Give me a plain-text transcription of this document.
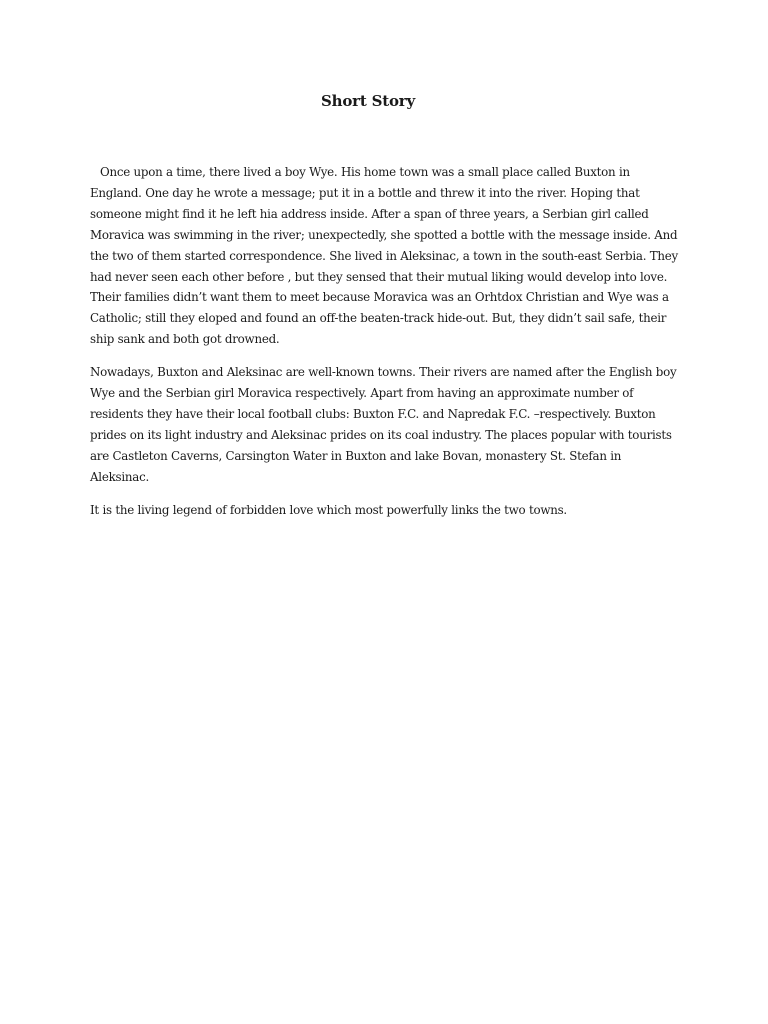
Short Story

Once upon a time, there lived a boy Wye. His home town was a small place called Buxton in England. One day he wrote a message; put it in a bottle and threw it into the river. Hoping that someone might find it he left hia address inside. After a span of three years, a Serbian girl called Moravica was swimming in the river; unexpectedly, she spotted a bottle with the message inside. And the two of them started correspondence. She lived in Aleksinac, a town in the south-east Serbia. They had never seen each other before , but they sensed that their mutual liking would develop into love. Their families didn’t want them to meet because Moravica was an Orhtdox Christian and Wye was a Catholic; still they eloped and found an off-the beaten-track hide-out. But, they didn’t sail safe, their ship sank and both got drowned.

Nowadays, Buxton and Aleksinac are well-known towns. Their rivers are named after the English boy Wye and the Serbian girl Moravica respectively. Apart from having an approximate number of residents they have their local football clubs: Buxton F.C. and Napredak F.C. –respectively. Buxton prides on its light industry and Aleksinac prides on its coal industry. The places popular with tourists are Castleton Caverns, Carsington Water in Buxton and lake Bovan, monastery St. Stefan in Aleksinac.

It is the living legend of forbidden love which most powerfully links the two towns.
